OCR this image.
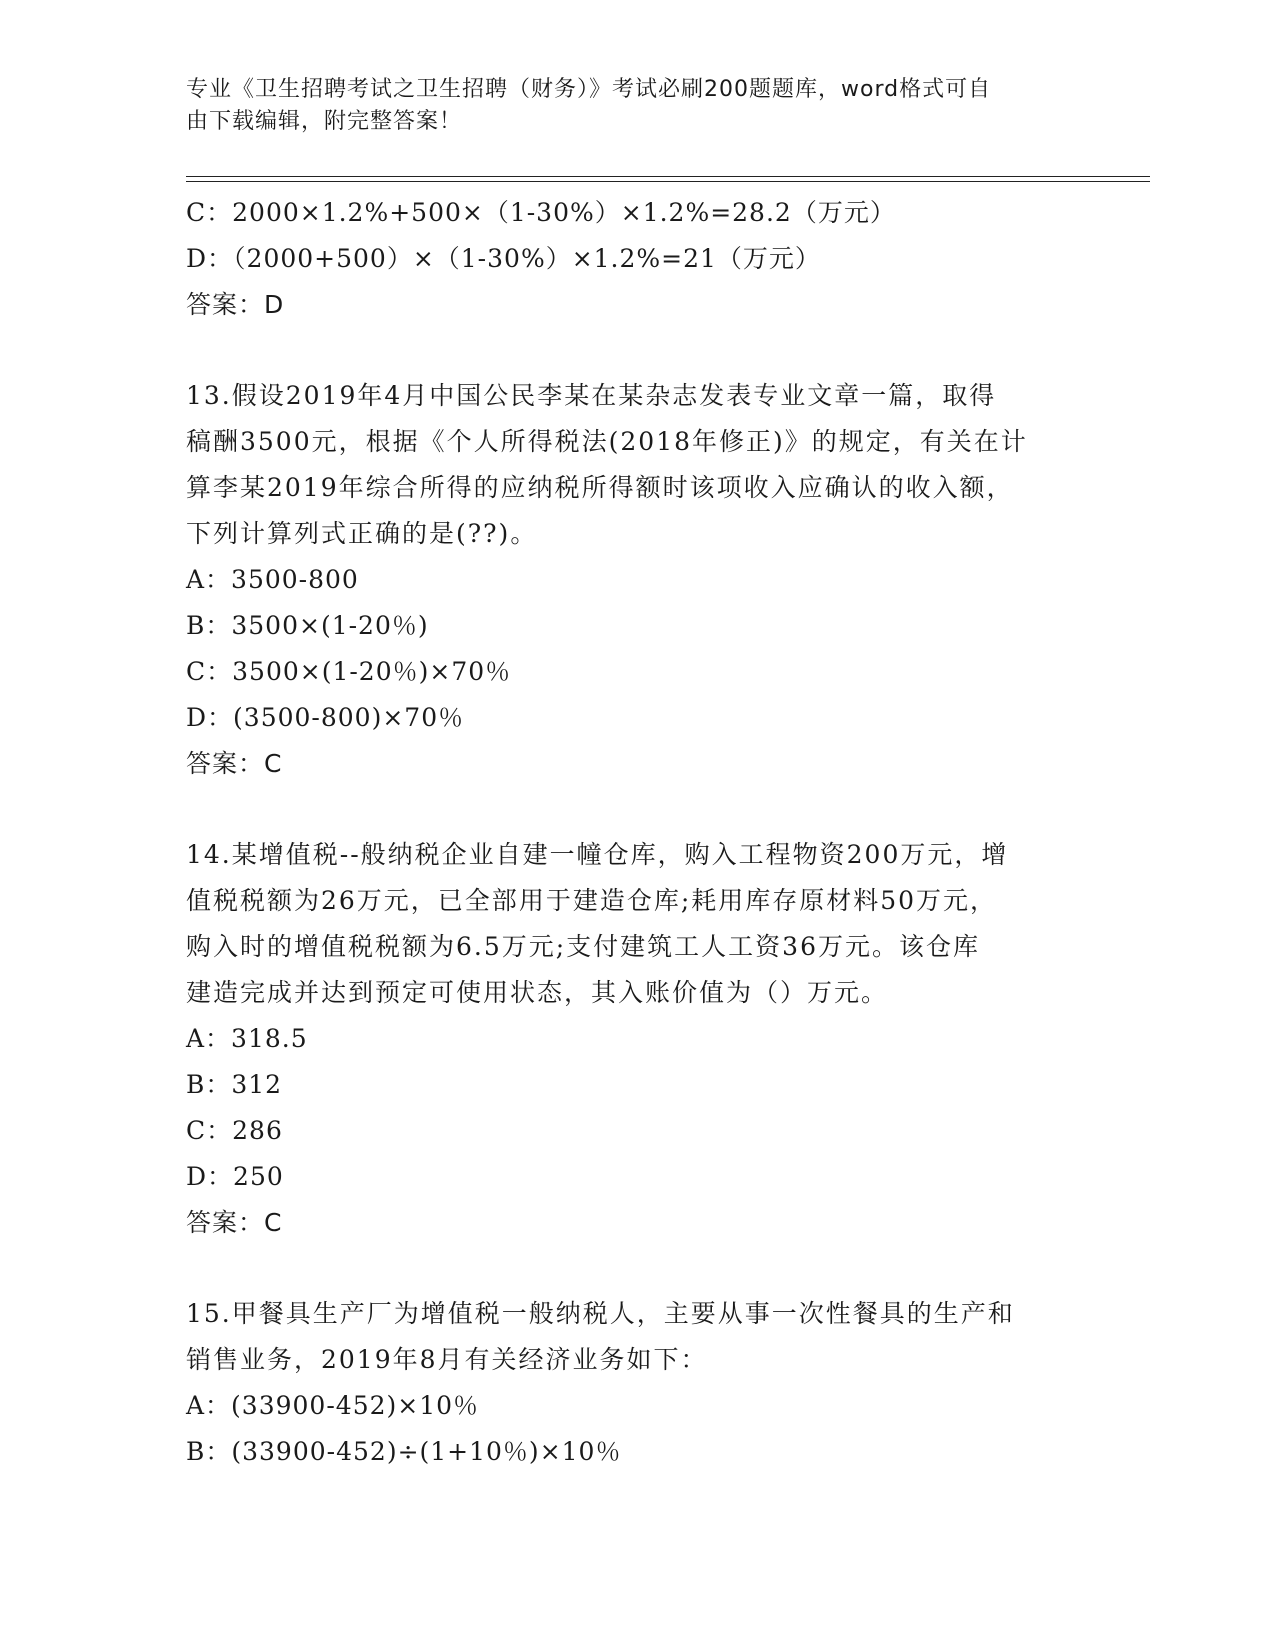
专业《卫生招聘考试之卫生招聘（财务）》考试必刷200题题库，word格式可自
由下载编辑，附完整答案！
C：2000×1.2%+500×（1-30%）×1.2%=28.2（万元）
D：（2000+500）×（1-30%）×1.2%=21（万元）
答案：D
13.假设2019年4月中国公民李某在某杂志发表专业文章一篇，取得
稿酬3500元，根据《个人所得税法(2018年修正)》的规定，有关在计
算李某2019年综合所得的应纳税所得额时该项收入应确认的收入额，
下列计算列式正确的是(??)。
A：3500-800
B：3500×(1-20％)
C：3500×(1-20％)×70％
D：(3500-800)×70％
答案：C
14.某增值税--般纳税企业自建一幢仓库，购入工程物资200万元，增
值税税额为26万元，已全部用于建造仓库;耗用库存原材料50万元，
购入时的增值税税额为6.5万元;支付建筑工人工资36万元。该仓库
建造完成并达到预定可使用状态，其入账价值为（）万元。
A：318.5
B：312
C：286
D：250
答案：C
15.甲餐具生产厂为增值税一般纳税人，主要从事一次性餐具的生产和
销售业务，2019年8月有关经济业务如下：
A：(33900-452)×10％
B：(33900-452)÷(1+10％)×10％
